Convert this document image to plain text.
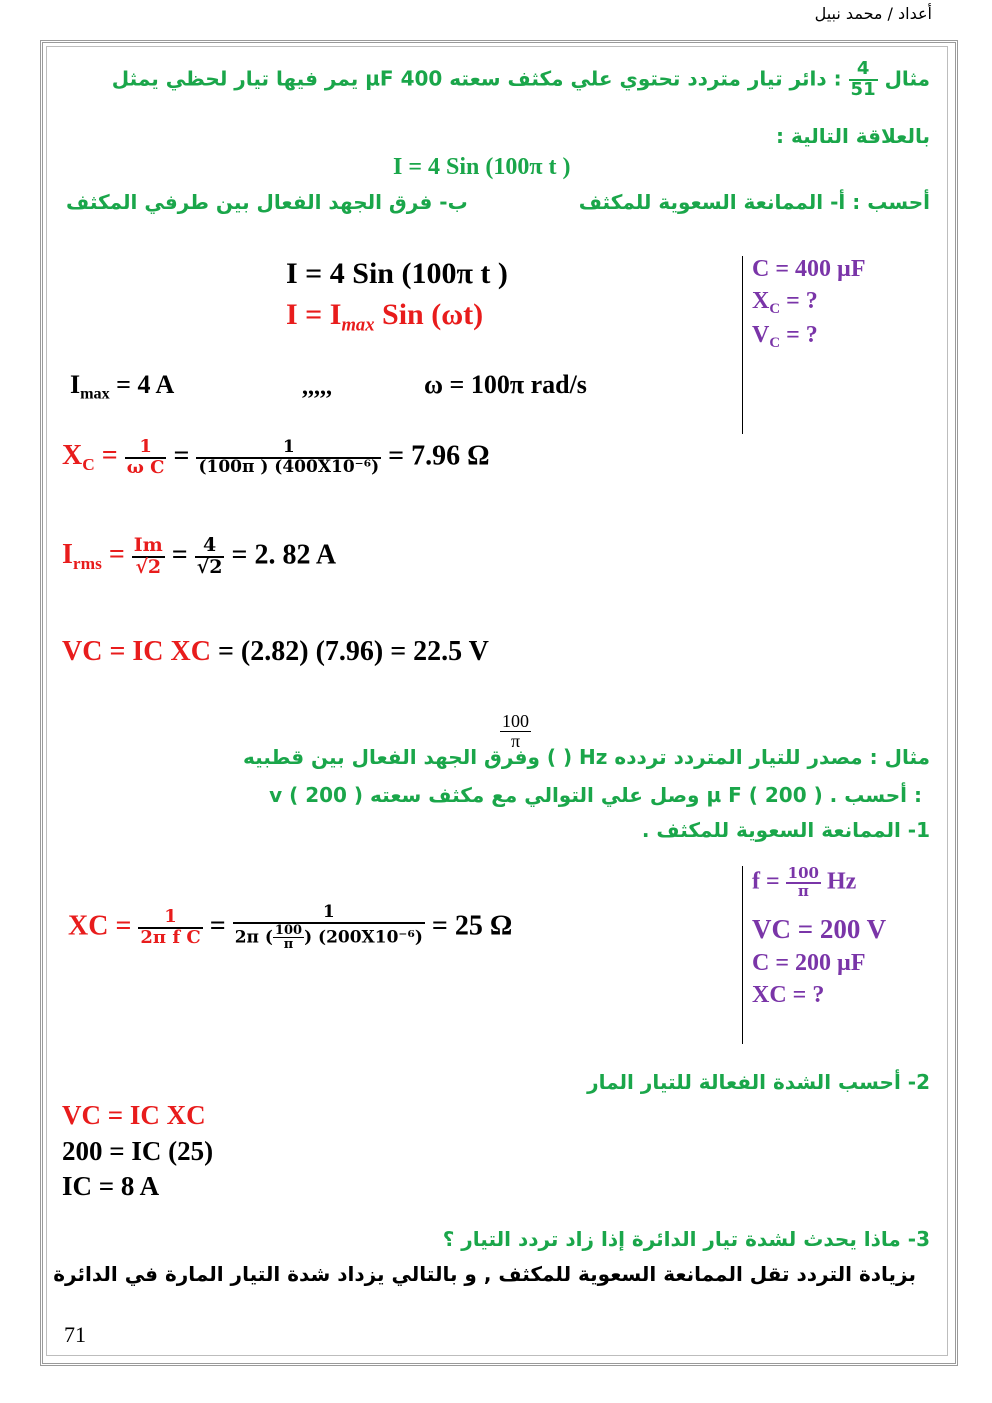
أعداد / محمد نبيل
مثال
$\frac{4}{51}$
: دائر تيار متردد تحتوي علي مكثف سعته 400 µF يمر فيها تيار لحظي يمثل
بالعلاقة التالية :
I = 4 Sin (100π t )
أحسب : أ- الممانعة السعوية للمكثف
ب- فرق الجهد الفعال بين طرفي المكثف
C = 400 µF
$X_C$ = ?
$V_C$ = ?
I = 4 Sin (100π t )
$I = I_{max}$ Sin (ωt)
$I_{max} = 4$ A	,,,,,	ω = 100π rad/s
$X_C = \frac{1}{\text{ω C}} = \frac{1}{\text{(100π ) (400X10⁻⁶)}} = 7.96$ Ω
$I_{rms} = \frac{Im}{√2} = \frac{4}{√2} = 2$. 82 A
VC = IC XC = (2.82) (7.96) = 22.5 V
$\frac{100}{\pi}$
مثال : مصدر للتيار المتردد تردده Hz ( ) وفرق الجهد الفعال بين قطبيه
v ( 200 ) وصل علي التوالي مع مكثف سعته µ F ( 200 ) . أحسب :
1- الممانعة السعوية للمكثف .
$f = \frac{100}{\pi}$ Hz
VC = 200 V
C = 200 µF
XC = ?
XC = $\frac{1}{\text{2π f C}} = \frac{1}{2\pi ( \frac{100}{\pi} ) (200X10^{-6})} = 25$ Ω
2- أحسب الشدة الفعالة للتيار المار
VC = IC XC
200 = IC (25)
IC = 8 A
3- ماذا يحدث لشدة تيار الدائرة إذا زاد تردد التيار ؟
بزيادة التردد تقل الممانعة السعوية للمكثف , و بالتالي يزداد شدة التيار المارة في الدائرة
71
